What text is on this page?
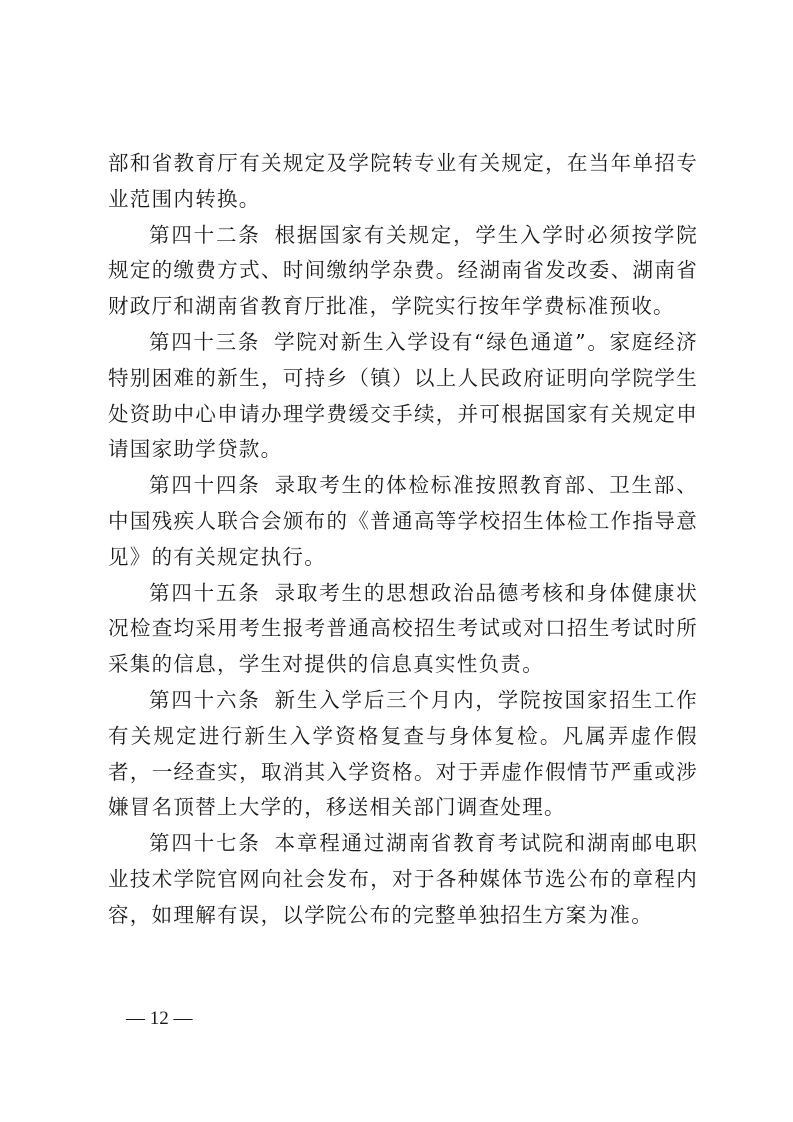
部和省教育厅有关规定及学院转专业有关规定，在当年单招专业范围内转换。

第四十二条 根据国家有关规定，学生入学时必须按学院规定的缴费方式、时间缴纳学杂费。经湖南省发改委、湖南省财政厅和湖南省教育厅批准，学院实行按年学费标准预收。

第四十三条 学院对新生入学设有“绿色通道”。家庭经济特别困难的新生，可持乡（镇）以上人民政府证明向学院学生处资助中心申请办理学费缓交手续，并可根据国家有关规定申请国家助学贷款。

第四十四条 录取考生的体检标准按照教育部、卫生部、中国残疾人联合会颁布的《普通高等学校招生体检工作指导意见》的有关规定执行。

第四十五条 录取考生的思想政治品德考核和身体健康状况检查均采用考生报考普通高校招生考试或对口招生考试时所采集的信息，学生对提供的信息真实性负责。

第四十六条 新生入学后三个月内，学院按国家招生工作有关规定进行新生入学资格复查与身体复检。凡属弄虚作假者，一经查实，取消其入学资格。对于弄虚作假情节严重或涉嫌冒名顶替上大学的，移送相关部门调查处理。

第四十七条 本章程通过湖南省教育考试院和湖南邮电职业技术学院官网向社会发布，对于各种媒体节选公布的章程内容，如理解有误，以学院公布的完整单独招生方案为准。

— 12 —
